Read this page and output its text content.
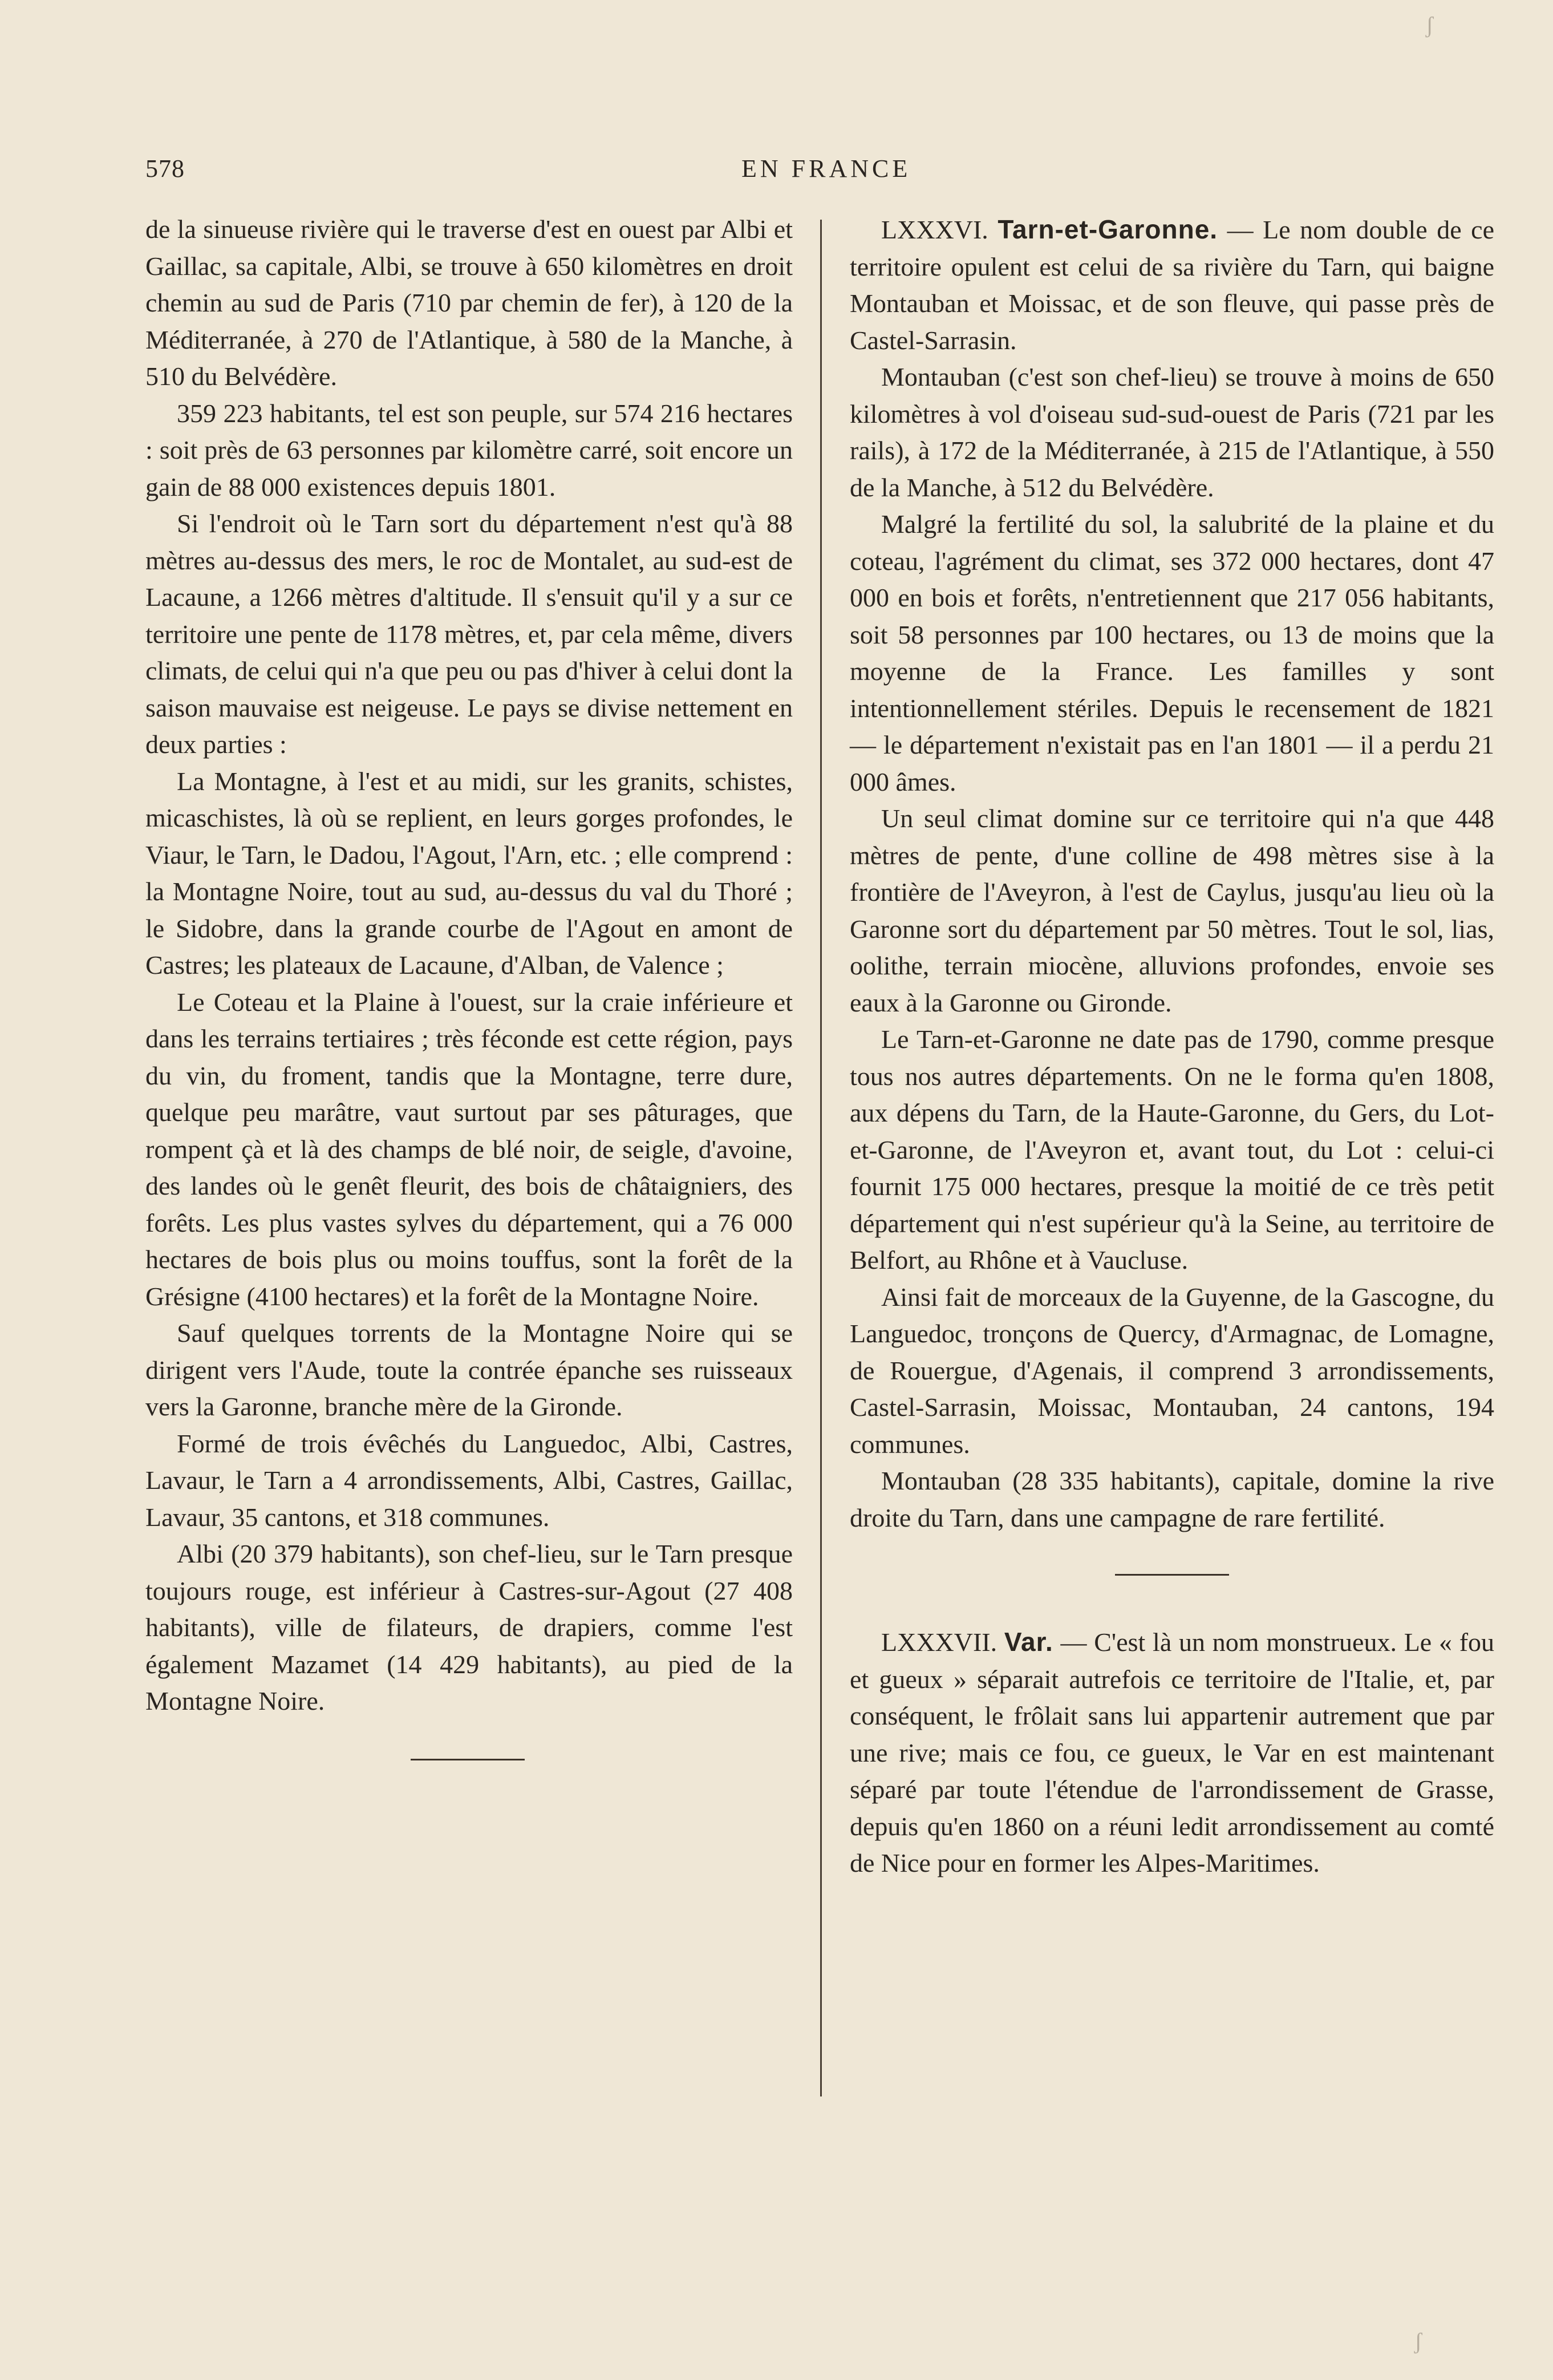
578	EN FRANCE

de la sinueuse rivière qui le traverse d'est en ouest par Albi et Gaillac, sa capitale, Albi, se trouve à 650 kilomètres en droit chemin au sud de Paris (710 par chemin de fer), à 120 de la Méditerranée, à 270 de l'Atlantique, à 580 de la Manche, à 510 du Belvédère.

359 223 habitants, tel est son peuple, sur 574 216 hectares : soit près de 63 personnes par kilomètre carré, soit encore un gain de 88 000 existences depuis 1801.

Si l'endroit où le Tarn sort du département n'est qu'à 88 mètres au-dessus des mers, le roc de Montalet, au sud-est de Lacaune, a 1266 mètres d'altitude. Il s'ensuit qu'il y a sur ce territoire une pente de 1178 mètres, et, par cela même, divers climats, de celui qui n'a que peu ou pas d'hiver à celui dont la saison mauvaise est neigeuse. Le pays se divise nettement en deux parties :

La Montagne, à l'est et au midi, sur les granits, schistes, micaschistes, là où se replient, en leurs gorges profondes, le Viaur, le Tarn, le Dadou, l'Agout, l'Arn, etc. ; elle comprend : la Montagne Noire, tout au sud, au-dessus du val du Thoré ; le Sidobre, dans la grande courbe de l'Agout en amont de Castres; les plateaux de Lacaune, d'Alban, de Valence ;

Le Coteau et la Plaine à l'ouest, sur la craie inférieure et dans les terrains tertiaires ; très féconde est cette région, pays du vin, du froment, tandis que la Montagne, terre dure, quelque peu marâtre, vaut surtout par ses pâturages, que rompent çà et là des champs de blé noir, de seigle, d'avoine, des landes où le genêt fleurit, des bois de châtaigniers, des forêts. Les plus vastes sylves du département, qui a 76 000 hectares de bois plus ou moins touffus, sont la forêt de la Grésigne (4100 hectares) et la forêt de la Montagne Noire.

Sauf quelques torrents de la Montagne Noire qui se dirigent vers l'Aude, toute la contrée épanche ses ruisseaux vers la Garonne, branche mère de la Gironde.

Formé de trois évêchés du Languedoc, Albi, Castres, Lavaur, le Tarn a 4 arrondissements, Albi, Castres, Gaillac, Lavaur, 35 cantons, et 318 communes.

Albi (20 379 habitants), son chef-lieu, sur le Tarn presque toujours rouge, est inférieur à Castres-sur-Agout (27 408 habitants), ville de filateurs, de drapiers, comme l'est également Mazamet (14 429 habitants), au pied de la Montagne Noire.

LXXXVI. Tarn-et-Garonne. — Le nom double de ce territoire opulent est celui de sa rivière du Tarn, qui baigne Montauban et Moissac, et de son fleuve, qui passe près de Castel-Sarrasin.

Montauban (c'est son chef-lieu) se trouve à moins de 650 kilomètres à vol d'oiseau sud-sud-ouest de Paris (721 par les rails), à 172 de la Méditerranée, à 215 de l'Atlantique, à 550 de la Manche, à 512 du Belvédère.

Malgré la fertilité du sol, la salubrité de la plaine et du coteau, l'agrément du climat, ses 372 000 hectares, dont 47 000 en bois et forêts, n'entretiennent que 217 056 habitants, soit 58 personnes par 100 hectares, ou 13 de moins que la moyenne de la France. Les familles y sont intentionnellement stériles. Depuis le recensement de 1821 — le département n'existait pas en l'an 1801 — il a perdu 21 000 âmes.

Un seul climat domine sur ce territoire qui n'a que 448 mètres de pente, d'une colline de 498 mètres sise à la frontière de l'Aveyron, à l'est de Caylus, jusqu'au lieu où la Garonne sort du département par 50 mètres. Tout le sol, lias, oolithe, terrain miocène, alluvions profondes, envoie ses eaux à la Garonne ou Gironde.

Le Tarn-et-Garonne ne date pas de 1790, comme presque tous nos autres départements. On ne le forma qu'en 1808, aux dépens du Tarn, de la Haute-Garonne, du Gers, du Lot-et-Garonne, de l'Aveyron et, avant tout, du Lot : celui-ci fournit 175 000 hectares, presque la moitié de ce très petit département qui n'est supérieur qu'à la Seine, au territoire de Belfort, au Rhône et à Vaucluse.

Ainsi fait de morceaux de la Guyenne, de la Gascogne, du Languedoc, tronçons de Quercy, d'Armagnac, de Lomagne, de Rouergue, d'Agenais, il comprend 3 arrondissements, Castel-Sarrasin, Moissac, Montauban, 24 cantons, 194 communes.

Montauban (28 335 habitants), capitale, domine la rive droite du Tarn, dans une campagne de rare fertilité.

LXXXVII. Var. — C'est là un nom monstrueux. Le « fou et gueux » séparait autrefois ce territoire de l'Italie, et, par conséquent, le frôlait sans lui appartenir autrement que par une rive; mais ce fou, ce gueux, le Var en est maintenant séparé par toute l'étendue de l'arrondissement de Grasse, depuis qu'en 1860 on a réuni ledit arrondissement au comté de Nice pour en former les Alpes-Maritimes.

ʃ
ʃ
